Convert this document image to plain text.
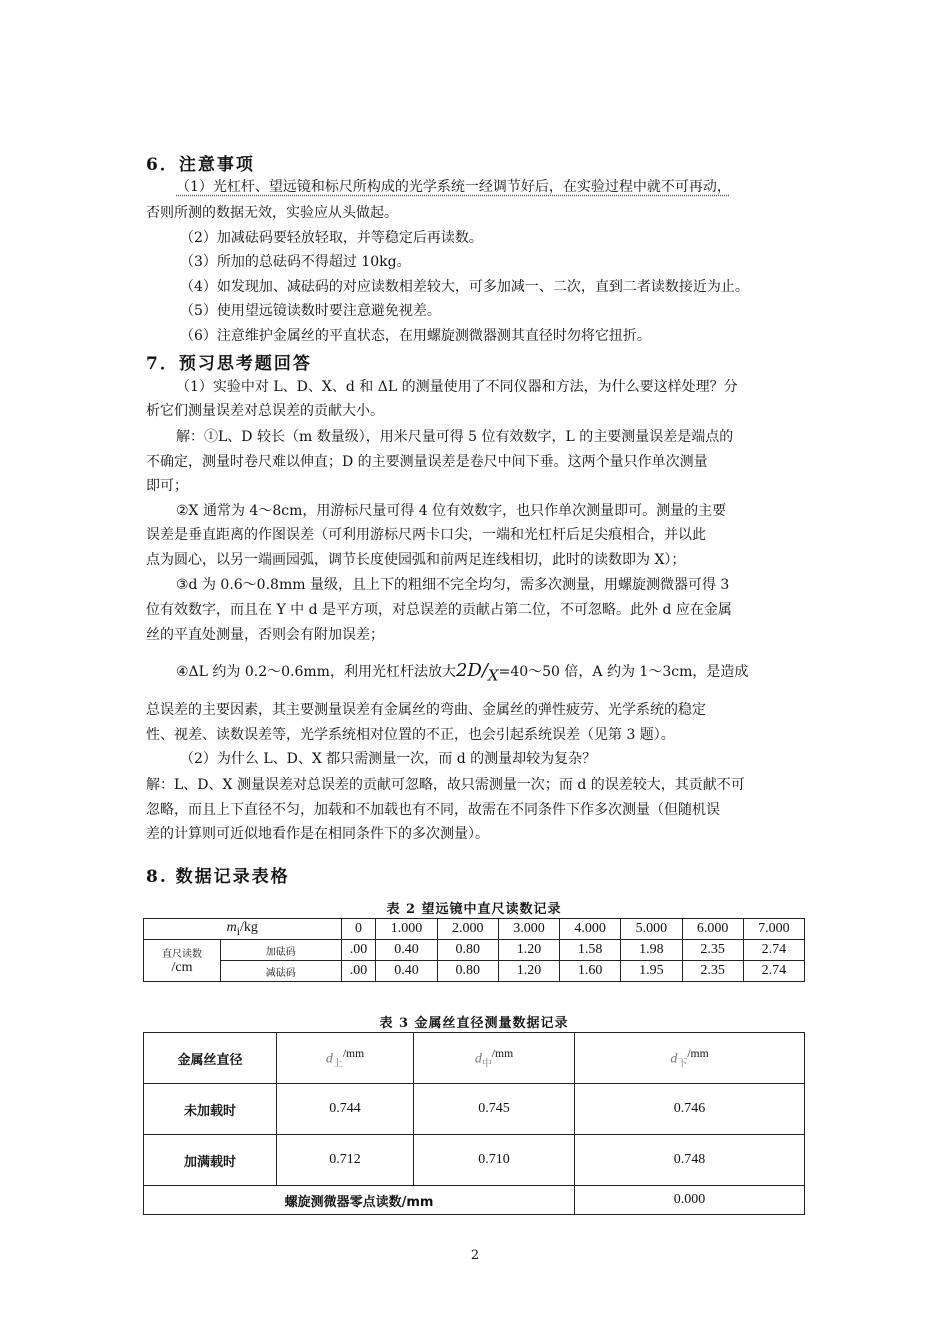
6．注意事项
（1）光杠杆、望远镜和标尺所构成的光学系统一经调节好后，在实验过程中就不可再动，
否则所测的数据无效，实验应从头做起。
（2）加减砝码要轻放轻取，并等稳定后再读数。
（3）所加的总砝码不得超过 10kg。
（4）如发现加、减砝码的对应读数相差较大，可多加减一、二次，直到二者读数接近为止。
（5）使用望远镜读数时要注意避免视差。
（6）注意维护金属丝的平直状态，在用螺旋测微器测其直径时勿将它扭折。
7．预习思考题回答
（1）实验中对 L、D、X、d 和 ΔL 的测量使用了不同仪器和方法，为什么要这样处理？分
析它们测量误差对总误差的贡献大小。
解：①L、D 较长（m 数量级），用米尺量可得 5 位有效数字，L 的主要测量误差是端点的
不确定，测量时卷尺难以伸直；D 的主要测量误差是卷尺中间下垂。这两个量只作单次测量
即可；
②X 通常为 4～8cm，用游标尺量可得 4 位有效数字，也只作单次测量即可。测量的主要
误差是垂直距离的作图误差（可利用游标尺两卡口尖，一端和光杠杆后足尖痕相合，并以此
点为圆心，以另一端画园弧，调节长度使园弧和前两足连线相切，此时的读数即为 X）；
③d 为 0.6～0.8mm 量级，且上下的粗细不完全均匀，需多次测量，用螺旋测微器可得 3
位有效数字，而且在 Y 中 d 是平方项，对总误差的贡献占第二位，不可忽略。此外 d 应在金属
丝的平直处测量，否则会有附加误差；
④ΔL 约为 0.2～0.6mm，利用光杠杆法放大$2D/_X=40\sim 50$ 倍，A 约为 1～3cm，是造成
总误差的主要因素，其主要测量误差有金属丝的弯曲、金属丝的弹性疲劳、光学系统的稳定
性、视差、读数误差等，光学系统相对位置的不正，也会引起系统误差（见第 3 题）。
（2）为什么 L、D、X 都只需测量一次，而 d 的测量却较为复杂？
解：L、D、X 测量误差对总误差的贡献可忽略，故只需测量一次；而 d 的误差较大，其贡献不可
忽略，而且上下直径不匀，加载和不加载也有不同，故需在不同条件下作多次测量（但随机误
差的计算则可近似地看作是在相同条件下的多次测量）。
8. 数据记录表格
表 2 望远镜中直尺读数记录
$m_i/kg$		0	1.000	2.000	3.000	4.000	5.000	6.000	7.000

直尺读数
/cm	加砝码	.00	0.40	0.80	1.20	1.58	1.98	2.35	2.74
	减砝码	.00	0.40	0.80	1.20	1.60	1.95	2.35	2.74
表 3 金属丝直径测量数据记录
金属丝直径	$d_上^{/mm}$	$d_中^{/mm}$	$d_下^{/mm}$
未加载时	0.744	0.745	0.746
加满载时	0.712	0.710	0.748
螺旋测微器零点读数/mm			0.000
2
